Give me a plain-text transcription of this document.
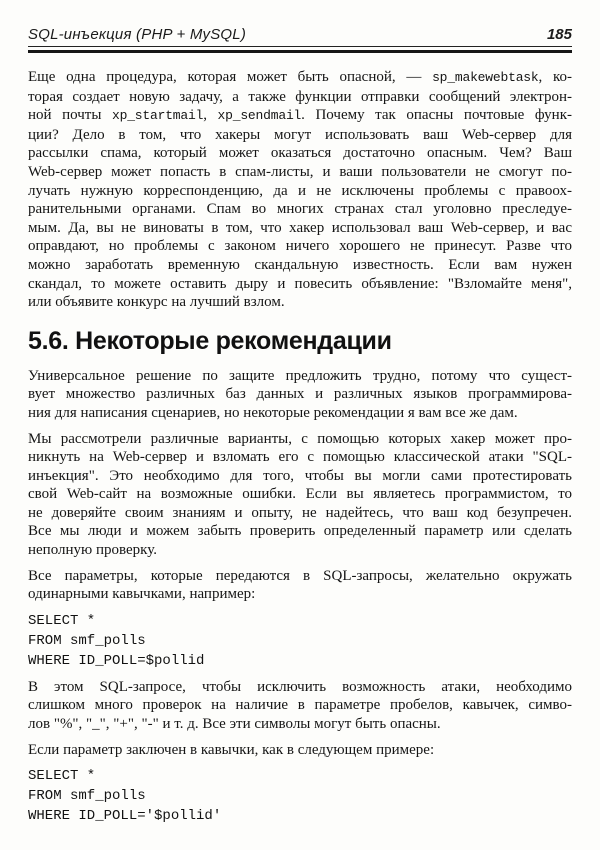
SQL-инъекция (PHP + MySQL)	185
Еще одна процедура, которая может быть опасной, — sp_makewebtask, ко-
торая создает новую задачу, а также функции отправки сообщений электрон-
ной почты xp_startmail, xp_sendmail. Почему так опасны почтовые функ-
ции? Дело в том, что хакеры могут использовать ваш Web-сервер для
рассылки спама, который может оказаться достаточно опасным. Чем? Ваш
Web-сервер может попасть в спам-листы, и ваши пользователи не смогут по-
лучать нужную корреспонденцию, да и не исключены проблемы с правоох-
ранительными органами. Спам во многих странах стал уголовно преследуе-
мым. Да, вы не виноваты в том, что хакер использовал ваш Web-сервер, и вас
оправдают, но проблемы с законом ничего хорошего не принесут. Разве что
можно заработать временную скандальную известность. Если вам нужен
скандал, то можете оставить дыру и повесить объявление: "Взломайте меня",
или объявите конкурс на лучший взлом.
5.6. Некоторые рекомендации
Универсальное решение по защите предложить трудно, потому что сущест-
вует множество различных баз данных и различных языков программирова-
ния для написания сценариев, но некоторые рекомендации я вам все же дам.
Мы рассмотрели различные варианты, с помощью которых хакер может про-
никнуть на Web-сервер и взломать его с помощью классической атаки "SQL-
инъекция". Это необходимо для того, чтобы вы могли сами протестировать
свой Web-сайт на возможные ошибки. Если вы являетесь программистом, то
не доверяйте своим знаниям и опыту, не надейтесь, что ваш код безупречен.
Все мы люди и можем забыть проверить определенный параметр или сделать
неполную проверку.
Все параметры, которые передаются в SQL-запросы, желательно окружать
одинарными кавычками, например:
SELECT *
FROM smf_polls
WHERE ID_POLL=$pollid
В этом SQL-запросе, чтобы исключить возможность атаки, необходимо
слишком много проверок на наличие в параметре пробелов, кавычек, симво-
лов "%", "_", "+", "-" и т. д. Все эти символы могут быть опасны.
Если параметр заключен в кавычки, как в следующем примере:
SELECT *
FROM smf_polls
WHERE ID_POLL='$pollid'
